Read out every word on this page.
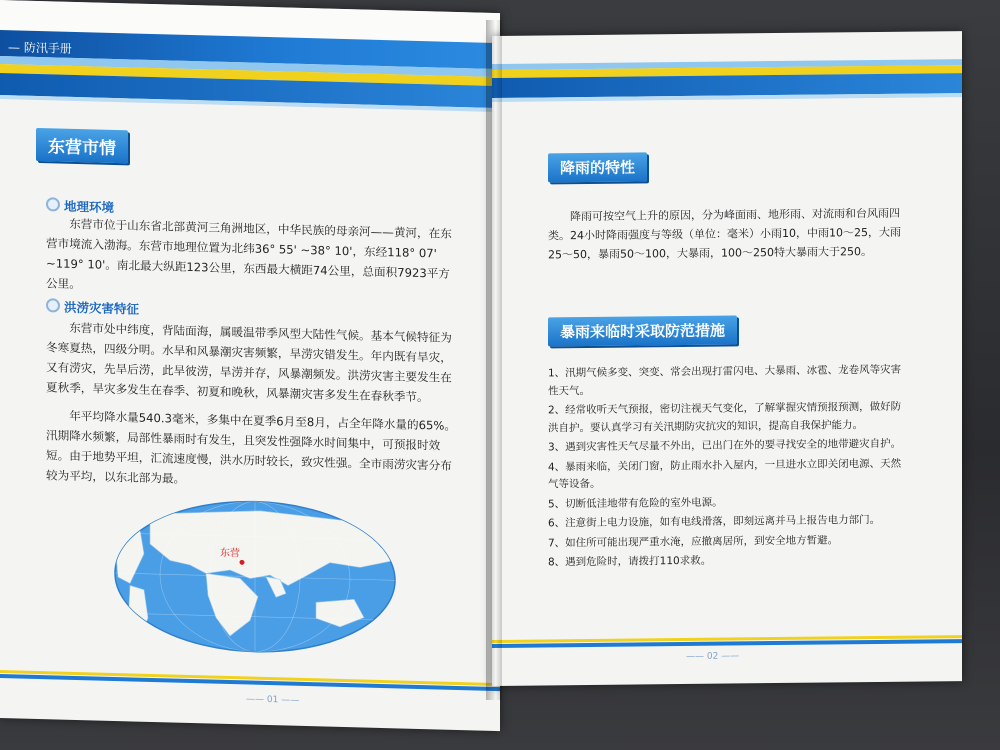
— 防汛手册
东营市情
地理环境

东营市位于山东省北部黄河三角洲地区，中华民族的母亲河——黄河，在东营市境流入渤海。东营市地理位置为北纬36° 55' ~38° 10'，东经118° 07' ~119° 10'。南北最大纵距123公里，东西最大横距74公里，总面积7923平方公里。

洪涝灾害特征

东营市处中纬度，背陆面海，属暖温带季风型大陆性气候。基本气候特征为冬寒夏热，四级分明。水旱和风暴潮灾害频繁，旱涝灾错发生。年内既有旱灾，又有涝灾，先旱后涝，此旱彼涝，旱涝并存，风暴潮频发。洪涝灾害主要发生在夏秋季，旱灾多发生在春季、初夏和晚秋，风暴潮灾害多发生在春秋季节。

年平均降水量540.3毫米，多集中在夏季6月至8月，占全年降水量的65%。汛期降水频繁，局部性暴雨时有发生，且突发性强降水时间集中，可预报时效短。由于地势平坦，汇流速度慢，洪水历时较长，致灾性强。全市雨涝灾害分布较为平均，以东北部为最。

东营
—— 01 ——
降雨的特性

降雨可按空气上升的原因，分为峰面雨、地形雨、对流雨和台风雨四类。24小时降雨强度与等级（单位：毫米）小雨10，中雨10～25，大雨25～50，暴雨50～100，大暴雨，100～250特大暴雨大于250。

暴雨来临时采取防范措施

1、汛期气候多变、突变、常会出现打雷闪电、大暴雨、冰雹、龙卷风等灾害性天气。

2、经常收听天气预报，密切注视天气变化，了解掌握灾情预报预测，做好防洪自护。要认真学习有关汛期防灾抗灾的知识，提高自我保护能力。

3、遇到灾害性天气尽量不外出，已出门在外的要寻找安全的地带避灾自护。

4、暴雨来临，关闭门窗，防止雨水扑入屋内，一旦进水立即关闭电源、天然气等设备。

5、切断低洼地带有危险的室外电源。

6、注意街上电力设施，如有电线滑落，即刻远离并马上报告电力部门。

7、如住所可能出现严重水淹，应撤离居所，到安全地方暂避。

8、遇到危险时，请拨打110求救。

—— 02 ——
